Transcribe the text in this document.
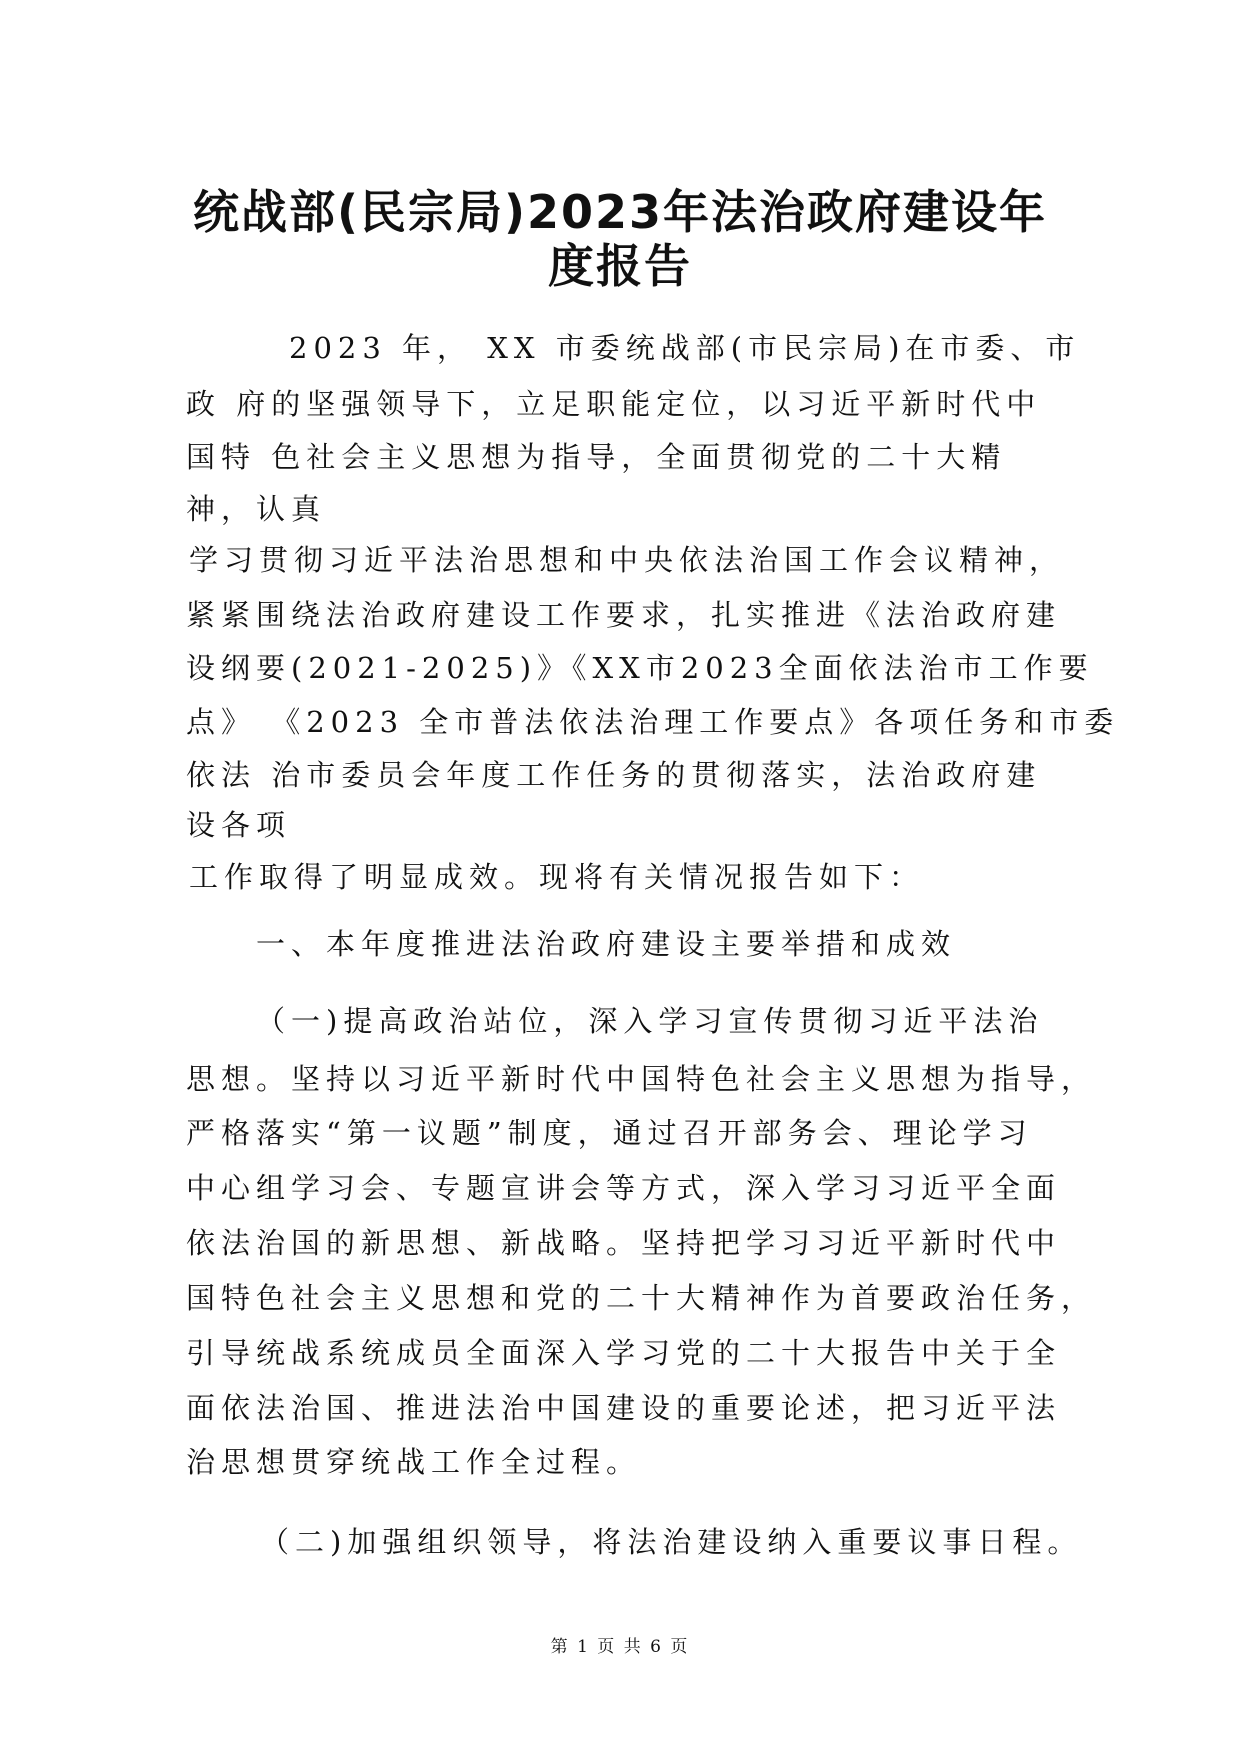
统战部(民宗局)2023年法治政府建设年
度报告
2023 年， XX 市委统战部(市民宗局)在市委、市
政 府的坚强领导下，立足职能定位，以习近平新时代中
国特 色社会主义思想为指导，全面贯彻党的二十大精
神，认真
学习贯彻习近平法治思想和中央依法治国工作会议精神，
紧紧围绕法治政府建设工作要求，扎实推进《法治政府建
设纲要(2021-2025)》《XX市2023全面依法治市工作要
点》 《2023 全市普法依法治理工作要点》各项任务和市委
依法 治市委员会年度工作任务的贯彻落实，法治政府建
设各项
工作取得了明显成效。现将有关情况报告如下：
一、本年度推进法治政府建设主要举措和成效
（一)提高政治站位，深入学习宣传贯彻习近平法治
思想。坚持以习近平新时代中国特色社会主义思想为指导，
严格落实“第一议题”制度，通过召开部务会、理论学习
中心组学习会、专题宣讲会等方式，深入学习习近平全面
依法治国的新思想、新战略。坚持把学习习近平新时代中
国特色社会主义思想和党的二十大精神作为首要政治任务，
引导统战系统成员全面深入学习党的二十大报告中关于全
面依法治国、推进法治中国建设的重要论述，把习近平法
治思想贯穿统战工作全过程。
（二)加强组织领导，将法治建设纳入重要议事日程。
第 1 页 共 6 页
